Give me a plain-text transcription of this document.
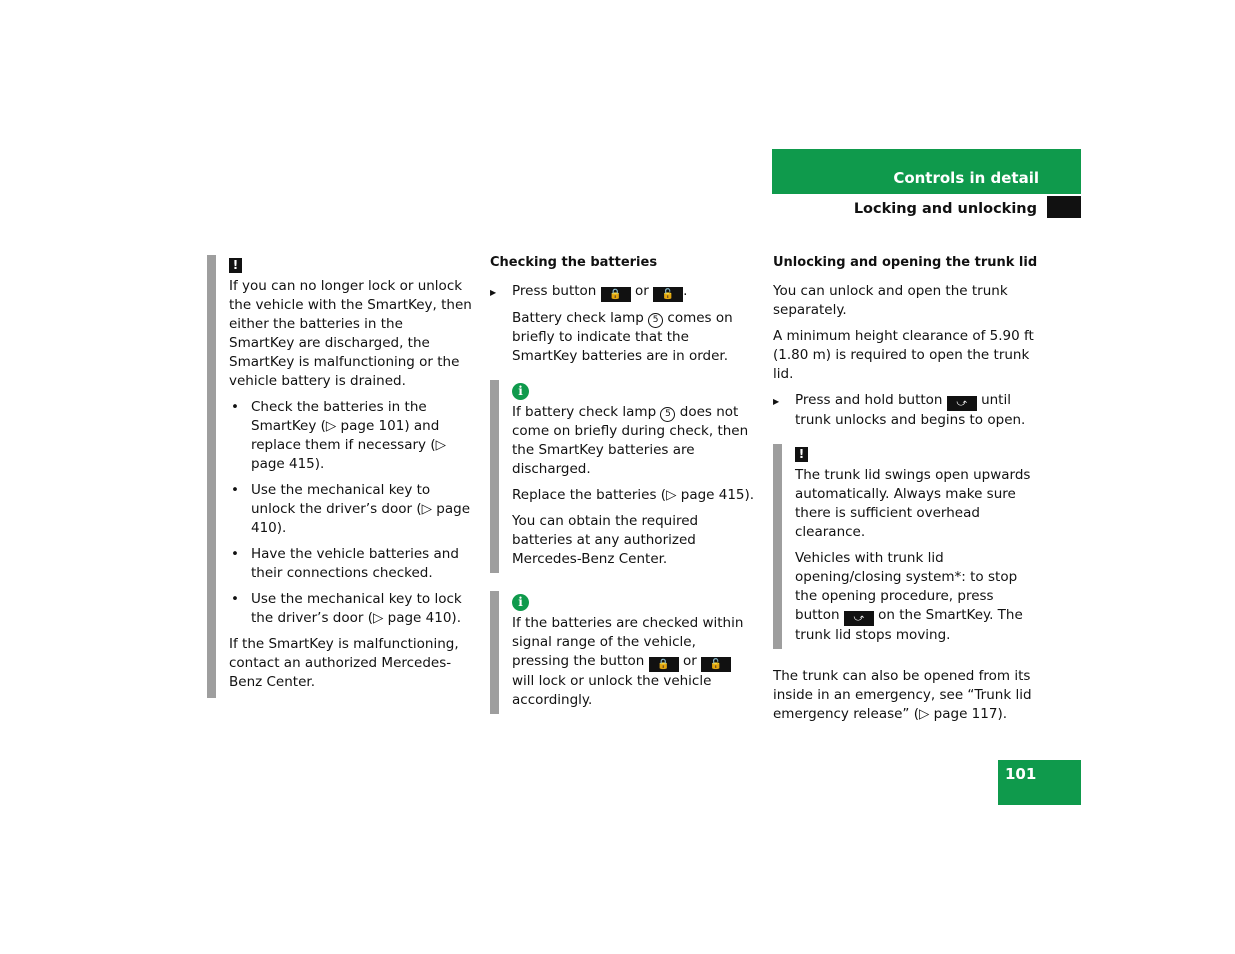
Controls in detail
Locking and unlocking
!

If you can no longer lock or unlock the vehicle with the SmartKey, then either the batteries in the SmartKey are discharged, the SmartKey is malfunctioning or the vehicle battery is drained.

• Check the batteries in the SmartKey (▷ page 101) and replace them if necessary (▷ page 415).
• Use the mechanical key to unlock the driver’s door (▷ page 410).
• Have the vehicle batteries and their connections checked.
• Use the mechanical key to lock the driver’s door (▷ page 410).

If the SmartKey is malfunctioning, contact an authorized Mercedes-Benz Center.

Checking the batteries
▶ Press button 🔒 or 🔓 .

Battery check lamp 5 comes on briefly to indicate that the SmartKey batteries are in order.

i

If battery check lamp 5 does not come on briefly during check, then the SmartKey batteries are discharged.

Replace the batteries (▷ page 415).

You can obtain the required batteries at any authorized Mercedes-Benz Center.

i

If the batteries are checked within signal range of the vehicle, pressing the button 🔒 or 🔓 will lock or unlock the vehicle accordingly.

Unlocking and opening the trunk lid

You can unlock and open the trunk separately.

A minimum height clearance of 5.90 ft (1.80 m) is required to open the trunk lid.

▶ Press and hold button ⤻ until trunk unlocks and begins to open.
!

The trunk lid swings open upwards automatically. Always make sure there is sufficient overhead clearance.

Vehicles with trunk lid opening/closing system*: to stop the opening procedure, press button ⤻ on the SmartKey. The trunk lid stops moving.

The trunk can also be opened from its inside in an emergency, see “Trunk lid emergency release” (▷ page 117).

101
